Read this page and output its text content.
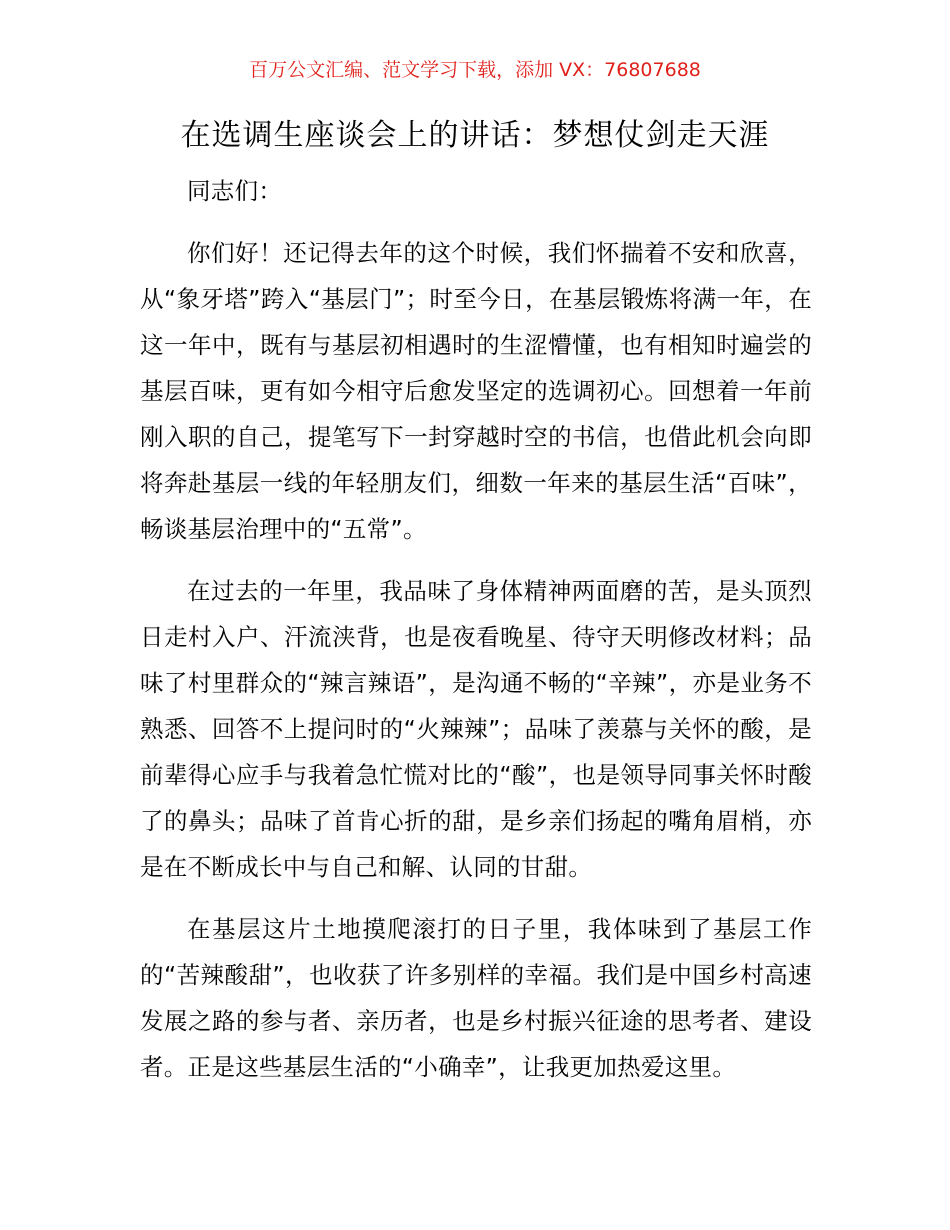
百万公文汇编、范文学习下载，添加 VX：76807688
在选调生座谈会上的讲话：梦想仗剑走天涯

同志们：

你们好！还记得去年的这个时候，我们怀揣着不安和欣喜，从“象牙塔”跨入“基层门”；时至今日，在基层锻炼将满一年，在这一年中，既有与基层初相遇时的生涩懵懂，也有相知时遍尝的基层百味，更有如今相守后愈发坚定的选调初心。回想着一年前刚入职的自己，提笔写下一封穿越时空的书信，也借此机会向即将奔赴基层一线的年轻朋友们，细数一年来的基层生活“百味”，畅谈基层治理中的“五常”。

在过去的一年里，我品味了身体精神两面磨的苦，是头顶烈日走村入户、汗流浃背，也是夜看晚星、待守天明修改材料；品味了村里群众的“辣言辣语”，是沟通不畅的“辛辣”，亦是业务不熟悉、回答不上提问时的“火辣辣”；品味了羡慕与关怀的酸，是前辈得心应手与我着急忙慌对比的“酸”，也是领导同事关怀时酸了的鼻头；品味了首肯心折的甜，是乡亲们扬起的嘴角眉梢，亦是在不断成长中与自己和解、认同的甘甜。

在基层这片土地摸爬滚打的日子里，我体味到了基层工作的“苦辣酸甜”，也收获了许多别样的幸福。我们是中国乡村高速发展之路的参与者、亲历者，也是乡村振兴征途的思考者、建设者。正是这些基层生活的“小确幸”，让我更加热爱这里。
